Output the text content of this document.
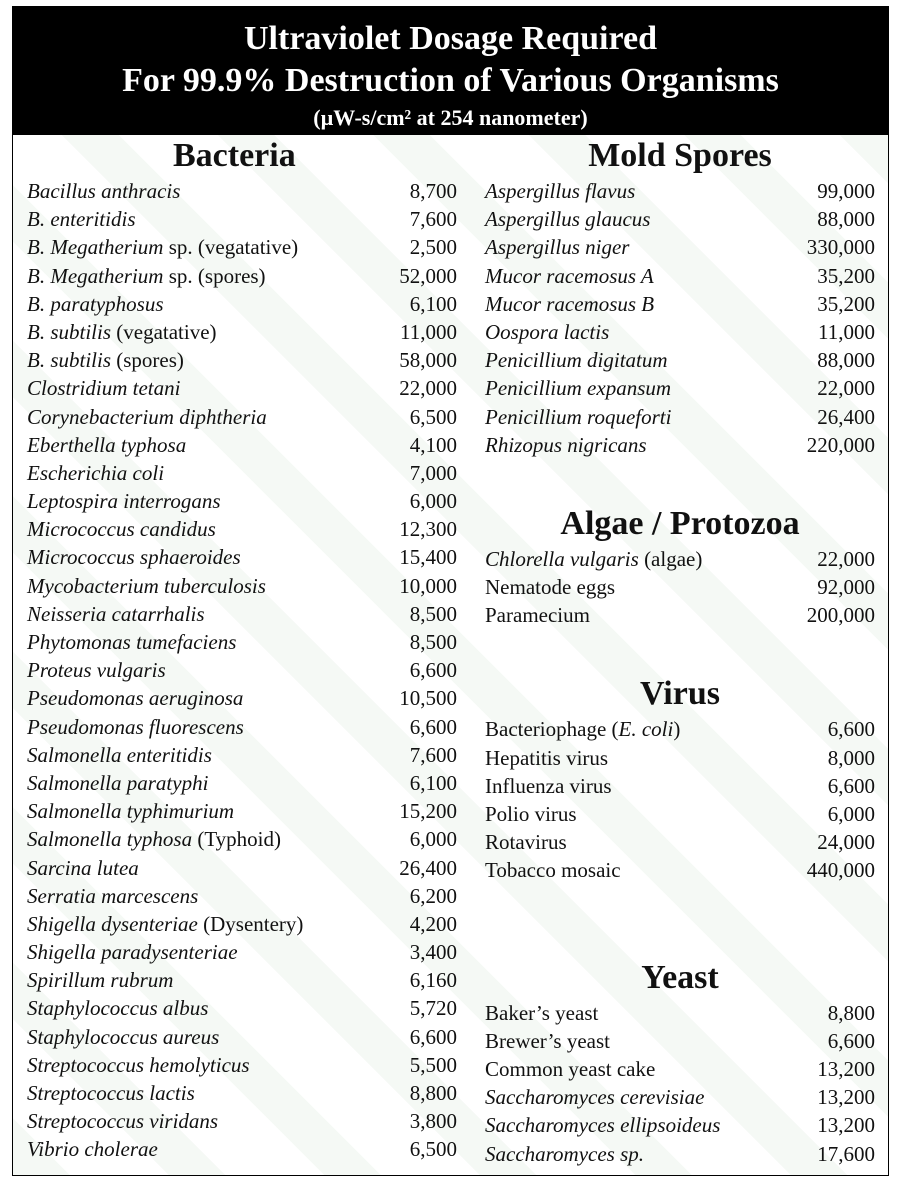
Ultraviolet Dosage Required
For 99.9% Destruction of Various Organisms
(µW-s/cm² at 254 nanometer)
Bacteria
Bacillus anthracis	8,700
B. enteritidis	7,600
B. Megatherium sp. (vegatative)	2,500
B. Megatherium sp. (spores)	52,000
B. paratyphosus	6,100
B. subtilis (vegatative)	11,000
B. subtilis (spores)	58,000
Clostridium tetani	22,000
Corynebacterium diphtheria	6,500
Eberthella typhosa	4,100
Escherichia coli	7,000
Leptospira interrogans	6,000
Micrococcus candidus	12,300
Micrococcus sphaeroides	15,400
Mycobacterium tuberculosis	10,000
Neisseria catarrhalis	8,500
Phytomonas tumefaciens	8,500
Proteus vulgaris	6,600
Pseudomonas aeruginosa	10,500
Pseudomonas fluorescens	6,600
Salmonella enteritidis	7,600
Salmonella paratyphi	6,100
Salmonella typhimurium	15,200
Salmonella typhosa (Typhoid)	6,000
Sarcina lutea	26,400
Serratia marcescens	6,200
Shigella dysenteriae (Dysentery)	4,200
Shigella paradysenteriae	3,400
Spirillum rubrum	6,160
Staphylococcus albus	5,720
Staphylococcus aureus	6,600
Streptococcus hemolyticus	5,500
Streptococcus lactis	8,800
Streptococcus viridans	3,800
Vibrio cholerae	6,500
Mold Spores
Aspergillus flavus	99,000
Aspergillus glaucus	88,000
Aspergillus niger	330,000
Mucor racemosus A	35,200
Mucor racemosus B	35,200
Oospora lactis	11,000
Penicillium digitatum	88,000
Penicillium expansum	22,000
Penicillium roqueforti	26,400
Rhizopus nigricans	220,000
Algae / Protozoa
Chlorella vulgaris (algae)	22,000
Nematode eggs	92,000
Paramecium	200,000
Virus
Bacteriophage (E. coli)	6,600
Hepatitis virus	8,000
Influenza virus	6,600
Polio virus	6,000
Rotavirus	24,000
Tobacco mosaic	440,000
Yeast
Baker’s yeast	8,800
Brewer’s yeast	6,600
Common yeast cake	13,200
Saccharomyces cerevisiae	13,200
Saccharomyces ellipsoideus	13,200
Saccharomyces sp.	17,600
